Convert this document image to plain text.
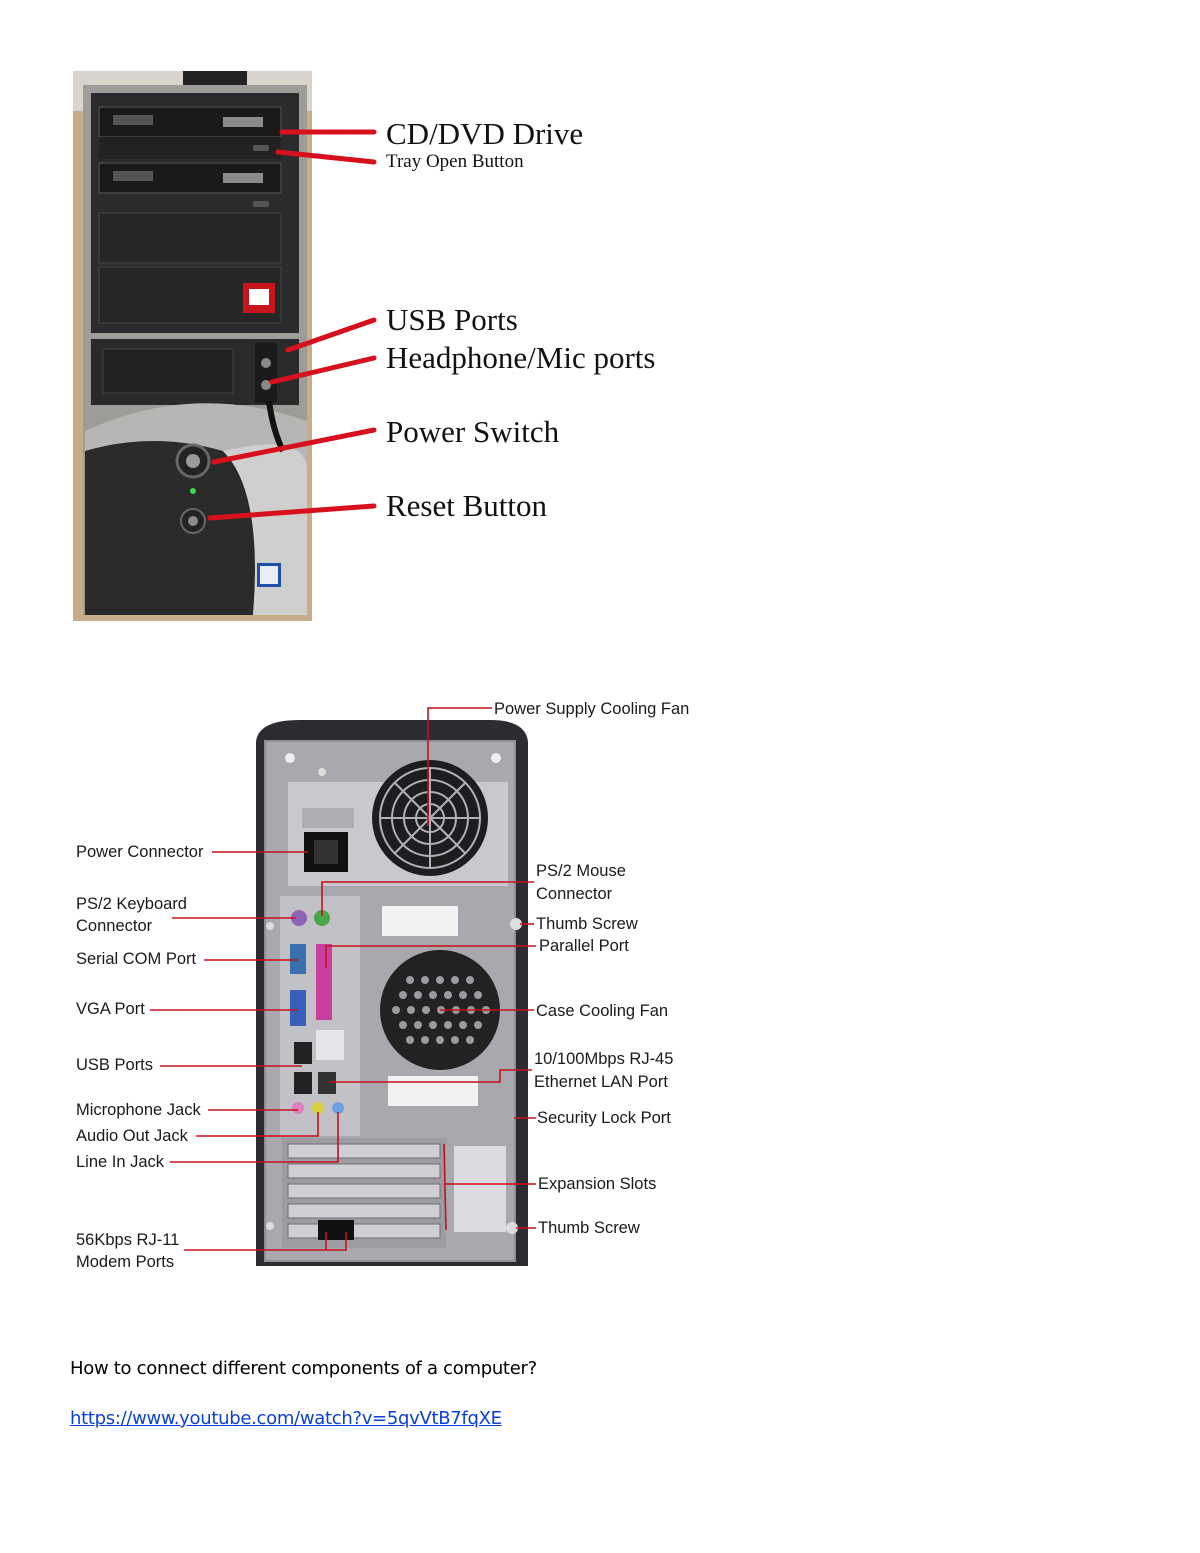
CD/DVD Drive
Tray Open Button
USB Ports
Headphone/Mic ports
Power Switch
Reset Button
Power Supply Cooling Fan
Power Connector
PS/2 Keyboard
Connector
Serial COM Port
VGA Port
USB Ports
Microphone Jack
Audio Out Jack
Line In Jack
56Kbps RJ-11
Modem Ports
PS/2 Mouse
Connector
Thumb Screw
Parallel Port
Case Cooling Fan
10/100Mbps RJ-45
Ethernet LAN Port
Security Lock Port
Expansion Slots
Thumb Screw
How to connect different components of a computer?
https://www.youtube.com/watch?v=5qvVtB7fqXE
